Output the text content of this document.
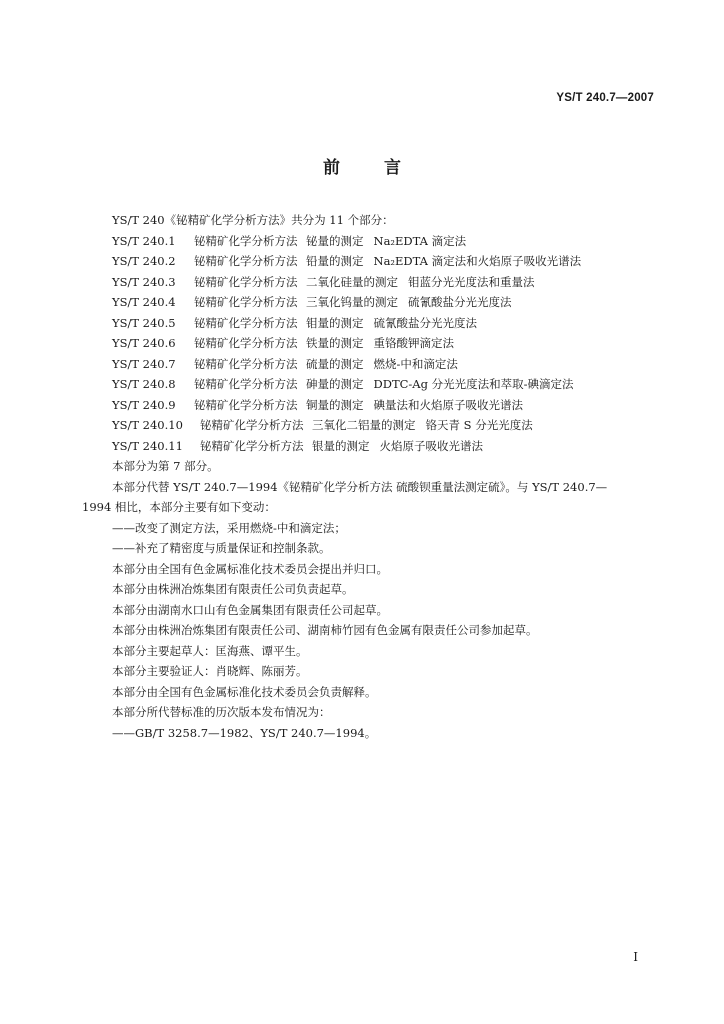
YS/T 240.7—2007
前	言
YS/T 240《铋精矿化学分析方法》共分为 11 个部分：
YS/T 240.1 铋精矿化学分析方法 铋量的测定 Na₂EDTA 滴定法
YS/T 240.2 铋精矿化学分析方法 铅量的测定 Na₂EDTA 滴定法和火焰原子吸收光谱法
YS/T 240.3 铋精矿化学分析方法 二氧化硅量的测定 钼蓝分光光度法和重量法
YS/T 240.4 铋精矿化学分析方法 三氧化钨量的测定 硫氰酸盐分光光度法
YS/T 240.5 铋精矿化学分析方法 钼量的测定 硫氰酸盐分光光度法
YS/T 240.6 铋精矿化学分析方法 铁量的测定 重铬酸钾滴定法
YS/T 240.7 铋精矿化学分析方法 硫量的测定 燃烧-中和滴定法
YS/T 240.8 铋精矿化学分析方法 砷量的测定 DDTC-Ag 分光光度法和萃取-碘滴定法
YS/T 240.9 铋精矿化学分析方法 铜量的测定 碘量法和火焰原子吸收光谱法
YS/T 240.10 铋精矿化学分析方法 三氧化二铝量的测定 铬天青 S 分光光度法
YS/T 240.11 铋精矿化学分析方法 银量的测定 火焰原子吸收光谱法
本部分为第 7 部分。
本部分代替 YS/T 240.7—1994《铋精矿化学分析方法 硫酸钡重量法测定硫》。与 YS/T 240.7—
1994 相比，本部分主要有如下变动：
——改变了测定方法，采用燃烧-中和滴定法；
——补充了精密度与质量保证和控制条款。
本部分由全国有色金属标准化技术委员会提出并归口。
本部分由株洲冶炼集团有限责任公司负责起草。
本部分由湖南水口山有色金属集团有限责任公司起草。
本部分由株洲冶炼集团有限责任公司、湖南柿竹园有色金属有限责任公司参加起草。
本部分主要起草人：匡海燕、谭平生。
本部分主要验证人：肖晓辉、陈丽芳。
本部分由全国有色金属标准化技术委员会负责解释。
本部分所代替标准的历次版本发布情况为：
——GB/T 3258.7—1982、YS/T 240.7—1994。
I
